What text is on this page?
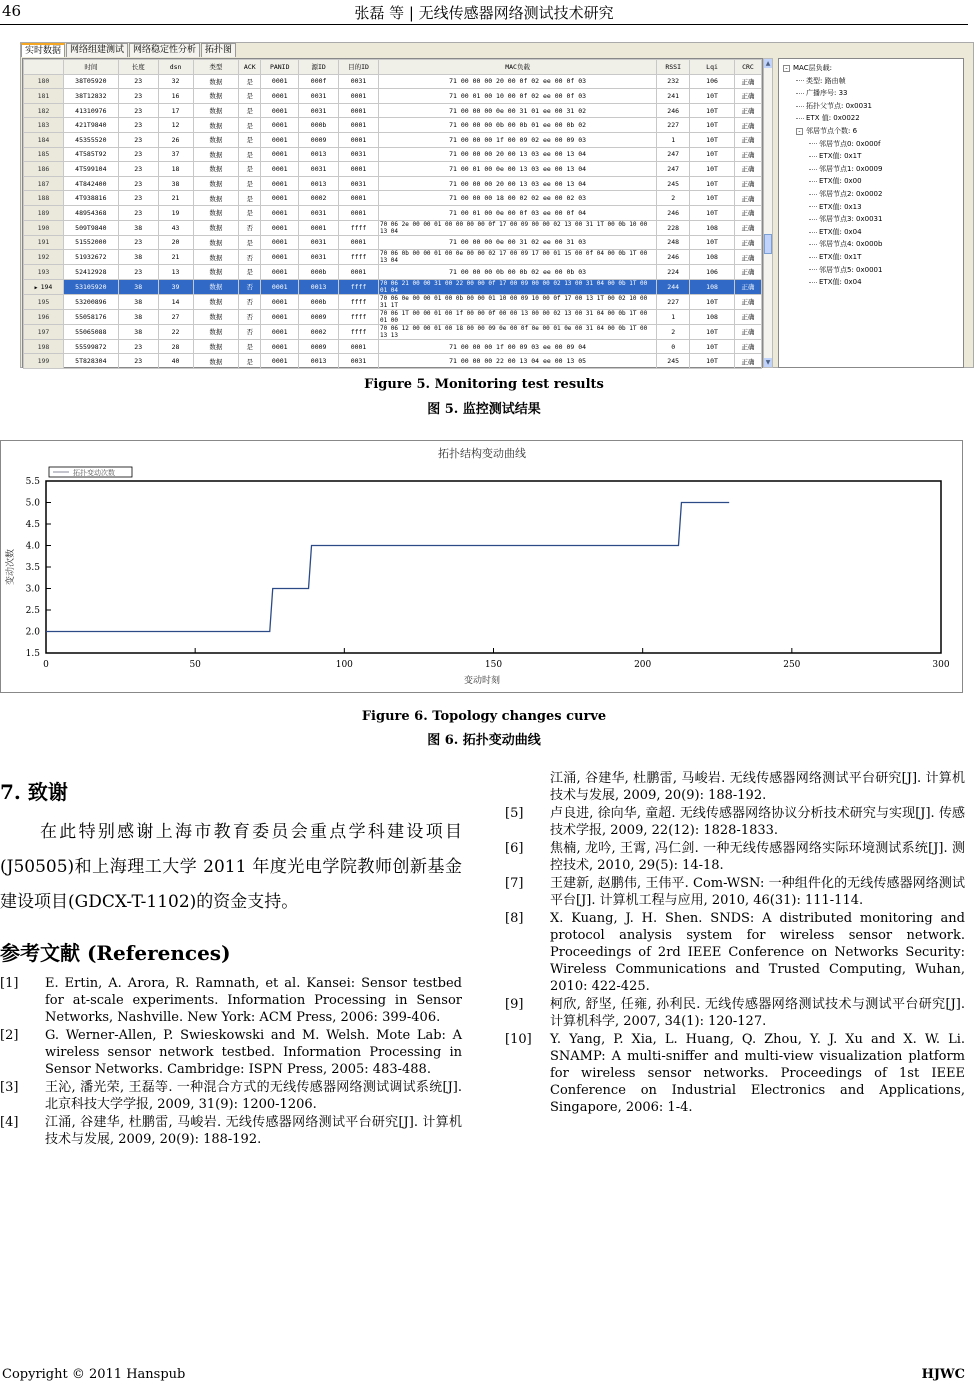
46	张磊 等 | 无线传感器网络测试技术研究
实时数据	网络组建测试	网络稳定性分析	拓扑图
	时间	长度	dsn	类型	ACK	PANID	源ID	目的ID	MAC负载	RSSI	Lqi	CRC
180	38T05920	23	32	数据	是	0001	000f	0031	71 00 00 00 20 00 0f 02 ee 00 0f 03	232	106	正确
181	38T12832	23	16	数据	是	0001	0031	0001	71 00 01 00 10 00 0f 02 ee 00 0f 03	241	10T	正确
182	41310976	23	17	数据	是	0001	0031	0001	71 00 00 00 0e 00 31 01 ee 00 31 02	246	10T	正确
183	421T9840	23	12	数据	是	0001	000b	0001	71 00 00 00 0b 00 0b 01 ee 00 0b 02	227	10T	正确
184	45355520	23	26	数据	是	0001	0009	0001	71 00 00 00 1f 00 09 02 ee 00 09 03	1	10T	正确
185	4T585T92	23	37	数据	是	0001	0013	0031	71 00 00 00 20 00 13 03 ee 00 13 04	247	10T	正确
186	4T599104	23	18	数据	是	0001	0031	0001	71 00 01 00 0e 00 13 03 ee 00 13 04	247	10T	正确
187	4T842400	23	38	数据	是	0001	0013	0031	71 00 00 00 20 00 13 03 ee 00 13 04	245	10T	正确
188	4T938816	23	21	数据	是	0001	0002	0001	71 00 00 00 18 00 02 02 ee 00 02 03	2	10T	正确
189	48954368	23	19	数据	是	0001	0031	0001	71 00 01 00 0e 00 0f 03 ee 00 0f 04	246	10T	正确
190	509T9840	38	43	数据	否	0001	0001	ffff	70 06 2e 00 00 01 00 00 00 00 0f 17 00 09 00 00 02 13 00 31 1T 00 0b 10 00 13 04	228	108	正确
191	51552000	23	20	数据	是	0001	0031	0001	71 00 00 00 0e 00 31 02 ee 00 31 03	248	10T	正确
192	51932672	38	21	数据	否	0001	0031	ffff	70 06 0b 00 00 01 00 0e 00 00 02 17 00 09 17 00 01 15 00 0f 04 00 0b 1T 00 13 04	246	108	正确
193	52412928	23	13	数据	是	0001	000b	0001	71 00 00 00 0b 00 0b 02 ee 00 0b 03	224	106	正确
▶ 194	53105920	38	39	数据	否	0001	0013	ffff	70 06 21 00 00 31 00 22 00 00 0f 17 00 09 00 00 02 13 00 31 04 00 0b 1T 00 01 04	244	108	正确
195	53200896	38	14	数据	否	0001	000b	ffff	70 06 0e 00 00 01 00 0b 00 00 01 10 00 09 10 00 0f 17 00 13 1T 00 02 10 00 31 1T	227	10T	正确
196	55058176	38	27	数据	否	0001	0009	ffff	70 06 1T 00 00 01 00 1f 00 00 0f 00 00 13 00 00 02 13 00 31 04 00 0b 1T 00 01 00	1	108	正确
197	55065088	38	22	数据	否	0001	0002	ffff	70 06 12 00 00 01 00 18 00 00 09 0e 00 0f 0e 00 01 0e 00 31 04 00 0b 1T 00 13 13	2	10T	正确
198	55599872	23	28	数据	是	0001	0009	0001	71 00 00 00 1f 00 09 03 ee 00 09 04	0	10T	正确
199	5T828304	23	40	数据	是	0001	0013	0031	71 00 00 00 22 00 13 04 ee 00 13 05	245	10T	正确
▲
▼
- MAC层负载:
类型: 路由帧
广播序号: 33
拓扑父节点: 0x0031
ETX 值: 0x0022
- 邻居节点个数: 6
邻居节点0: 0x000f
ETX值: 0x1T
邻居节点1: 0x0009
ETX值: 0x00
邻居节点2: 0x0002
ETX值: 0x13
邻居节点3: 0x0031
ETX值: 0x04
邻居节点4: 0x000b
ETX值: 0x1T
邻居节点5: 0x0001
ETX值: 0x04
Figure 5. Monitoring test results
图 5. 监控测试结果
拓扑结构变动曲线
变动时刻
变动次数
0	50	100	150	200	250	300
1.5
2.0
2.5
3.0
3.5
4.0
4.5
5.0
5.5
拓扑变动次数
Figure 6. Topology changes curve
图 6. 拓扑变动曲线
7. 致谢

在此特别感谢上海市教育委员会重点学科建设项目(J50505)和上海理工大学 2011 年度光电学院教师创新基金建设项目(GDCX-T-1102)的资金支持。

参考文献 (References)
[1]	E. Ertin, A. Arora, R. Ramnath, et al. Kansei: Sensor testbed for at-scale experiments. Information Processing in Sensor Networks, Nashville. New York: ACM Press, 2006: 399-406.
[2]	G. Werner-Allen, P. Swieskowski and M. Welsh. Mote Lab: A wireless sensor network testbed. Information Processing in Sensor Networks. Cambridge: ISPN Press, 2005: 483-488.
[3]	王沁, 潘光荣, 王磊等. 一种混合方式的无线传感器网络测试调试系统[J]. 北京科技大学学报, 2009, 31(9): 1200-1206.
[4]	江涌, 谷建华, 杜鹏雷, 马峻岩. 无线传感器网络测试平台研究[J]. 计算机技术与发展, 2009, 20(9): 188-192.
江涌, 谷建华, 杜鹏雷, 马峻岩. 无线传感器网络测试平台研究[J]. 计算机技术与发展, 2009, 20(9): 188-192.
[5]	卢良进, 徐向华, 童超. 无线传感器网络协议分析技术研究与实现[J]. 传感技术学报, 2009, 22(12): 1828-1833.
[6]	焦楠, 龙吟, 王霄, 冯仁剑. 一种无线传感器网络实际环境测试系统[J]. 测控技术, 2010, 29(5): 14-18.
[7]	王建新, 赵鹏伟, 王伟平. Com-WSN: 一种组件化的无线传感器网络测试平台[J]. 计算机工程与应用, 2010, 46(31): 111-114.
[8]	X. Kuang, J. H. Shen. SNDS: A distributed monitoring and protocol analysis system for wireless sensor network. Proceedings of 2rd IEEE Conference on Networks Security: Wireless Communications and Trusted Computing, Wuhan, 2010: 422-425.
[9]	柯欣, 舒坚, 任雍, 孙利民. 无线传感器网络测试技术与测试平台研究[J]. 计算机科学, 2007, 34(1): 120-127.
[10]	Y. Yang, P. Xia, L. Huang, Q. Zhou, Y. J. Xu and X. W. Li. SNAMP: A multi-sniffer and multi-view visualization platform for wireless sensor networks. Proceedings of 1st IEEE Conference on Industrial Electronics and Applications, Singapore, 2006: 1-4.
Copyright © 2011 Hanspub	HJWC
